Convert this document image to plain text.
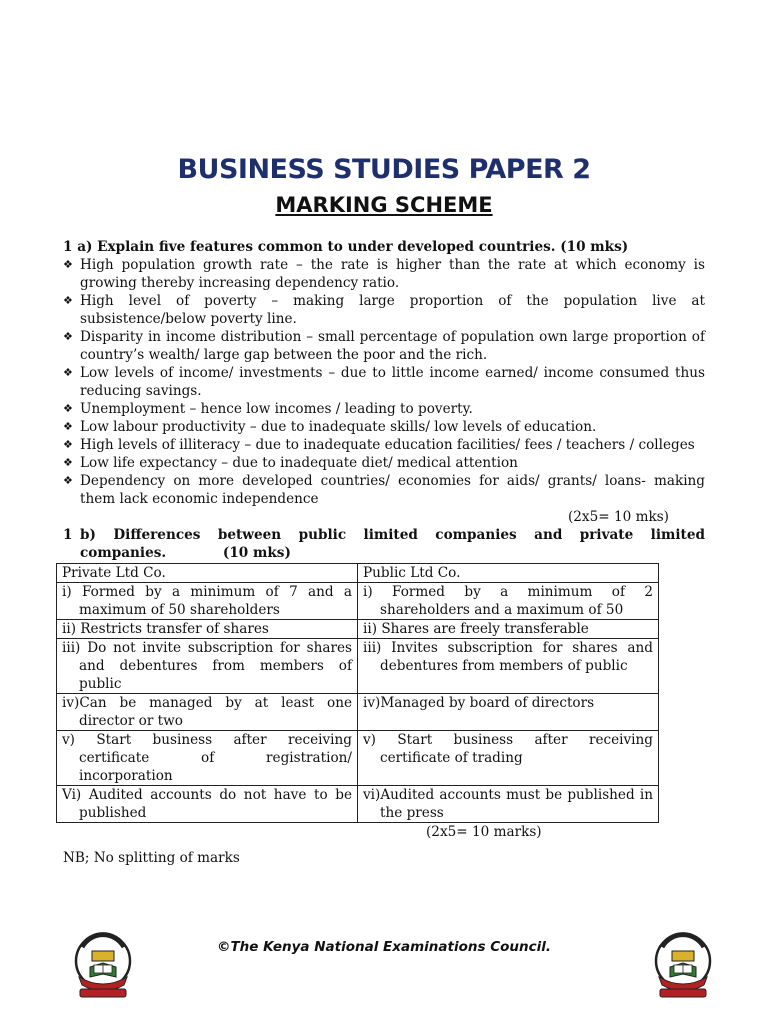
BUSINESS STUDIES PAPER 2
MARKING SCHEME

1 a) Explain five features common to under developed countries. (10 mks)

❖ High population growth rate – the rate is higher than the rate at which economy is growing thereby increasing dependency ratio.
❖ High level of poverty – making large proportion of the population live at subsistence/below poverty line.
❖ Disparity in income distribution – small percentage of population own large proportion of country’s wealth/ large gap between the poor and the rich.
❖ Low levels of income/ investments – due to little income earned/ income consumed thus reducing savings.
❖ Unemployment – hence low incomes / leading to poverty.
❖ Low labour productivity – due to inadequate skills/ low levels of education.
❖ High levels of illiteracy – due to inadequate education facilities/ fees / teachers / colleges
❖ Low life expectancy – due to inadequate diet/ medical attention
❖ Dependency on more developed countries/ economies for aids/ grants/ loans- making them lack economic independence

(2x5= 10 mks)

1 b) Differences between public limited companies and private limited
companies.            (10 mks)
Private Ltd Co.	Public Ltd Co.

i) Formed by a minimum of 7 and a maximum of 50 shareholders	i) Formed by a minimum of 2 shareholders and a maximum of 50

ii) Restricts transfer of shares	ii) Shares are freely transferable

iii) Do not invite subscription for shares and debentures from members of public	iii) Invites subscription for shares and debentures from members of public

iv)Can be managed by at least one director or two	iv)Managed by board of directors

v) Start business after receiving certificate of registration/ incorporation	v) Start business after receiving certificate of trading

Vi) Audited accounts do not have to be published	vi)Audited accounts must be published in the press

(2x5= 10 marks)

NB; No splitting of marks

©The Kenya National Examinations Council.
